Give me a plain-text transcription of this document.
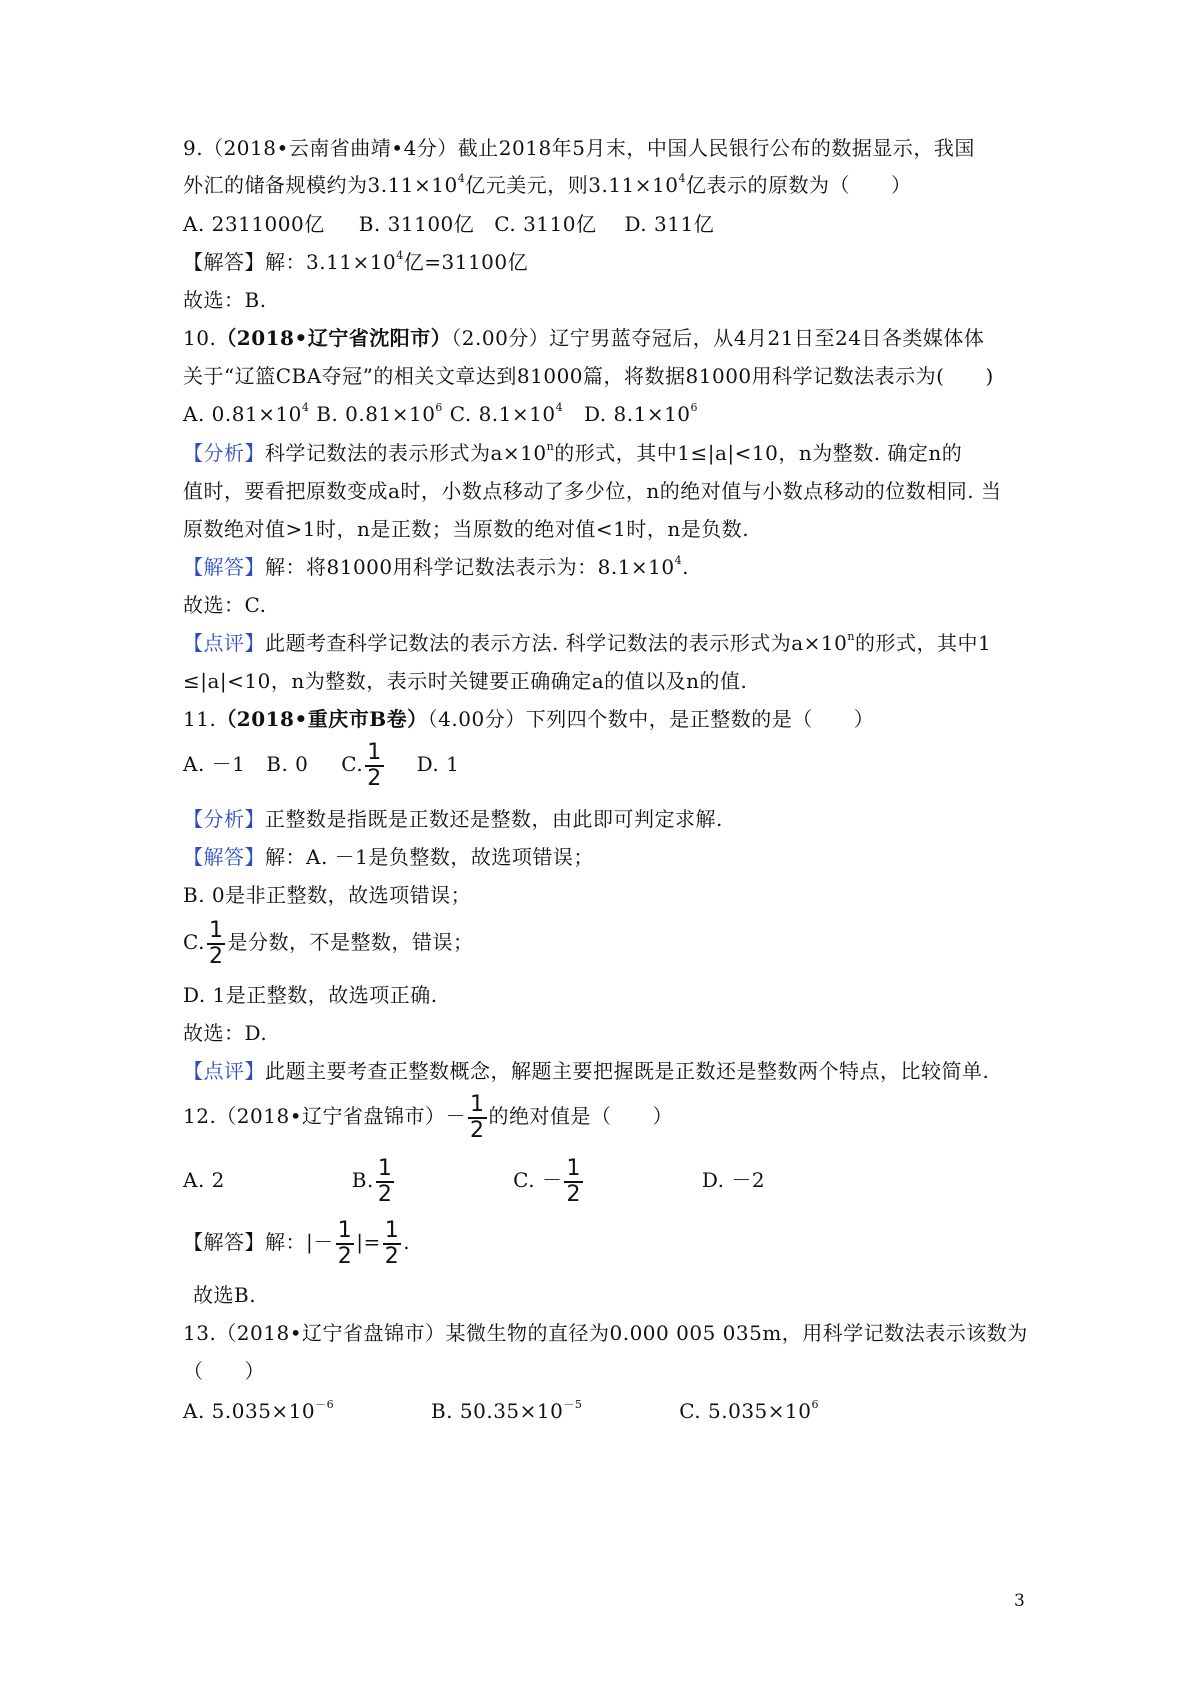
9.（2018•云南省曲靖•4分）截止2018年5月末，中国人民银行公布的数据显示，我国
外汇的储备规模约为$3.11\times 10^4$亿元美元，则$3.11\times 10^4$亿表示的原数为（　　）
A. 2311000亿 B. 31100亿 C. 3110亿 D. 311亿
【解答】解：$3.11\times 10^4$亿=31100亿
故选：B.
10.（2018•辽宁省沈阳市）（2.00分）辽宁男蓝夺冠后，从4月21日至24日各类媒体体
关于“辽篮CBA夺冠”的相关文章达到81000篇，将数据81000用科学记数法表示为(　　)
A. $0.81\times 10^4$ B. $0.81\times 10^6$ C. $8.1\times 10^4$ D. $8.1\times 10^6$
【分析】科学记数法的表示形式为$a\times 10^n$的形式，其中1≤|a|<10，n为整数. 确定n的
值时，要看把原数变成a时，小数点移动了多少位，n的绝对值与小数点移动的位数相同. 当
原数绝对值>1时，n是正数；当原数的绝对值<1时，n是负数.
【解答】解：将81000用科学记数法表示为：$8.1\times 10^4$.
故选：C.
【点评】此题考查科学记数法的表示方法. 科学记数法的表示形式为$a\times 10^n$的形式，其中1
≤|a|<10，n为整数，表示时关键要正确确定a的值以及n的值.
11.（2018•重庆市B卷）（4.00分）下列四个数中，是正整数的是（　　）
A. －1 B. 0 C. $\frac{1}{2} D$. 1
【分析】正整数是指既是正数还是整数，由此即可判定求解.
【解答】解：A. －1是负整数，故选项错误；
B. 0是非正整数，故选项错误；
C. $\frac{1}{2}$ 是分数，不是整数，错误；
D. 1是正整数，故选项正确.
故选：D.
【点评】此题主要考查正整数概念，解题主要把握既是正数还是整数两个特点，比较简单.
12.（2018•辽宁省盘锦市）－ $\frac{1}{2}$ 的绝对值是（　　）
A. 2	B. $\frac{1}{2}$	C. － $\frac{1}{2}$	D. －2
【解答】解：|－ $\frac{1}{2}$ |= $\frac{1}{2}$ .
故选B.
13.（2018•辽宁省盘锦市）某微生物的直径为0.000 005 035m，用科学记数法表示该数为
（　　）
A. $5.035\times 10^{-6}$	B. $50.35\times 10^{-5}$	C. $5.035\times 10^6$
3
